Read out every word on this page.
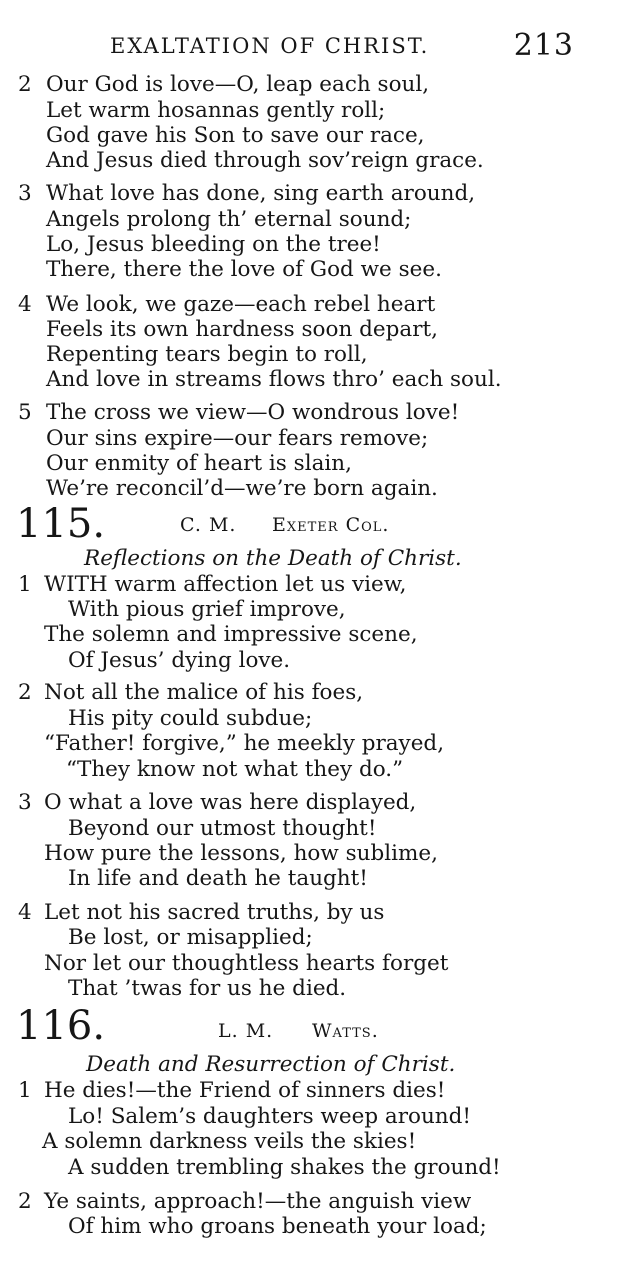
EXALTATION OF CHRIST.	213
2 Our God is love—O, leap each soul,
Let warm hosannas gently roll;
God gave his Son to save our race,
And Jesus died through sov’reign grace.
3 What love has done, sing earth around,
Angels prolong th’ eternal sound;
Lo, Jesus bleeding on the tree!
There, there the love of God we see.
4 We look, we gaze—each rebel heart
Feels its own hardness soon depart,
Repenting tears begin to roll,
And love in streams flows thro’ each soul.
5 The cross we view—O wondrous love!
Our sins expire—our fears remove;
Our enmity of heart is slain,
We’re reconcil’d—we’re born again.
115.	C. M. Exeter Col.
Reflections on the Death of Christ.
1 WITH warm affection let us view,
With pious grief improve,
The solemn and impressive scene,
Of Jesus’ dying love.
2 Not all the malice of his foes,
His pity could subdue;
“Father! forgive,” he meekly prayed,
“They know not what they do.”
3 O what a love was here displayed,
Beyond our utmost thought!
How pure the lessons, how sublime,
In life and death he taught!
4 Let not his sacred truths, by us
Be lost, or misapplied;
Nor let our thoughtless hearts forget
That ’twas for us he died.
116.	L. M. Watts.
Death and Resurrection of Christ.
1 He dies!—the Friend of sinners dies!
Lo! Salem’s daughters weep around!
A solemn darkness veils the skies!
A sudden trembling shakes the ground!
2 Ye saints, approach!—the anguish view
Of him who groans beneath your load;
